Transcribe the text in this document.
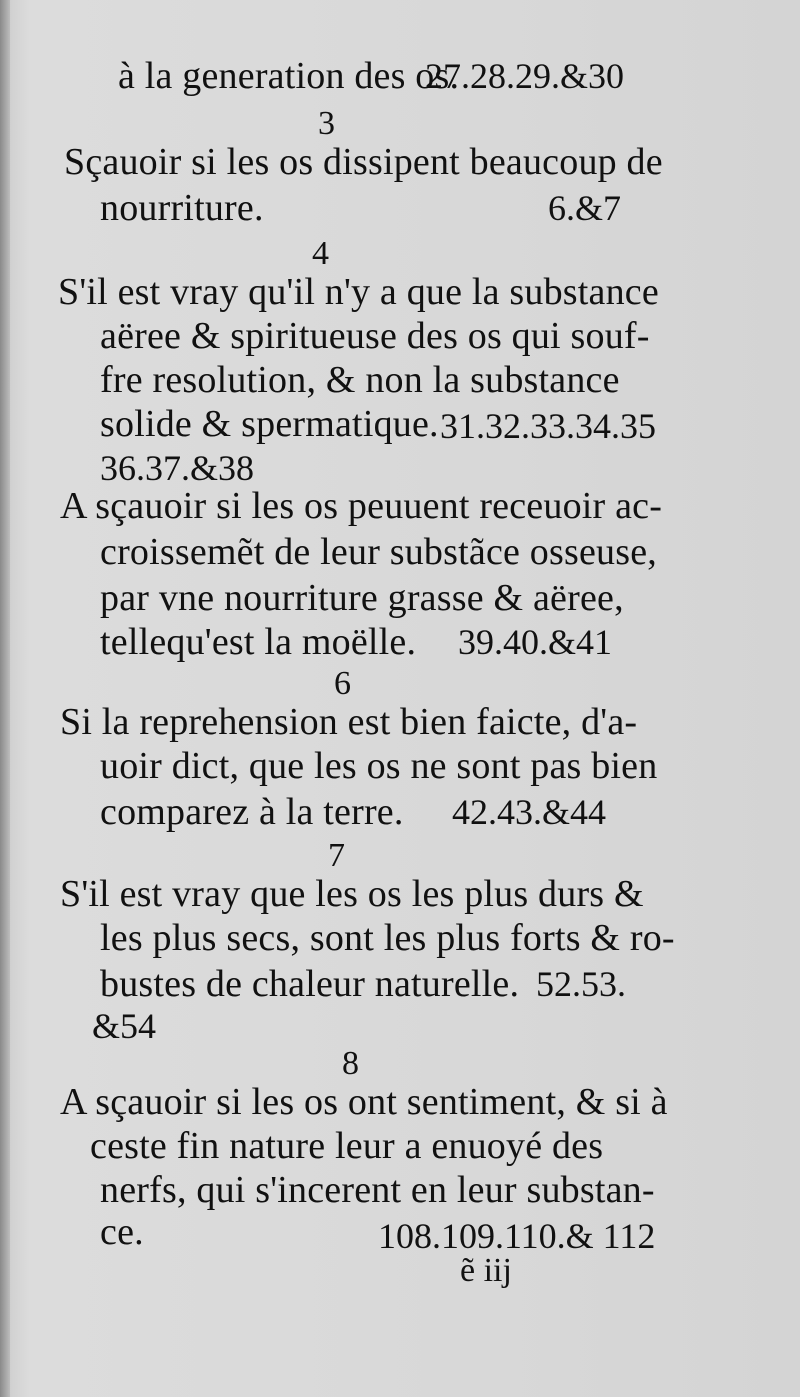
à la generation des os.
27.28.29.&30
3
Sçauoir si les os dissipent beaucoup de
nourriture.	6.&7
4
S'il est vray qu'il n'y a que la substance
aëree & spiritueuse des os qui souf-
fre resolution, & non la substance
solide & spermatique. 31.32.33.34.35
36.37.&38
A sçauoir si les os peuuent receuoir ac-
croissemẽt de leur substãce osseuse,
par vne nourriture grasse & aëree,
tellequ'est la moëlle. 39.40.&41
6
Si la reprehension est bien faicte, d'a-
uoir dict, que les os ne sont pas bien
comparez à la terre. 42.43.&44
7
S'il est vray que les os les plus durs &
les plus secs, sont les plus forts & ro-
bustes de chaleur naturelle. 52.53.
&54
8
A sçauoir si les os ont sentiment, & si à
ceste fin nature leur a enuoyé des
nerfs, qui s'incerent en leur substan-
ce.	108.109.110.& 112
ẽ iij
